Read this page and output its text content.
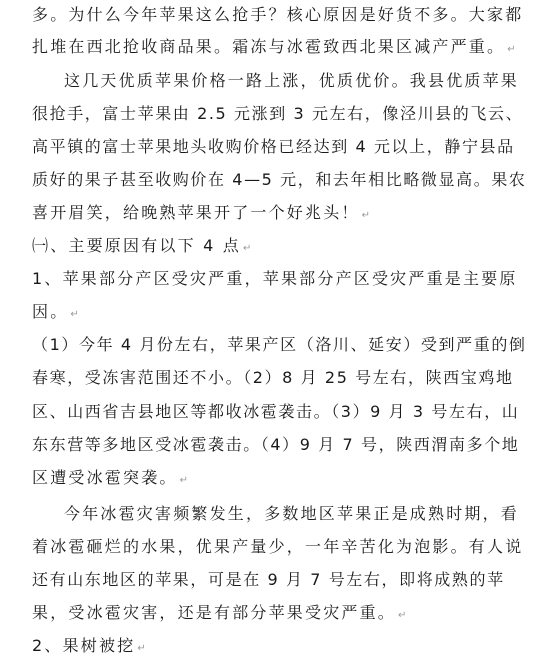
多。为什么今年苹果这么抢手？核心原因是好货不多。大家都
扎堆在西北抢收商品果。霜冻与冰雹致西北果区减产严重。 ↵
这几天优质苹果价格一路上涨，优质优价。我县优质苹果
很抢手，富士苹果由 2.5 元涨到 3 元左右，像泾川县的飞云、
高平镇的富士苹果地头收购价格已经达到 4 元以上，静宁县品
质好的果子甚至收购价在 4—5 元，和去年相比略微显高。果农
喜开眉笑，给晚熟苹果开了一个好兆头！ ↵
㈠、主要原因有以下 4 点 ↵
1、苹果部分产区受灾严重，苹果部分产区受灾严重是主要原
因。 ↵
（1）今年 4 月份左右，苹果产区（洛川、延安）受到严重的倒
春寒，受冻害范围还不小。（2）8 月 25 号左右，陕西宝鸡地
区、山西省吉县地区等都收冰雹袭击。（3）9 月 3 号左右，山
东东营等多地区受冰雹袭击。（4）9 月 7 号，陕西渭南多个地
区遭受冰雹突袭。 ↵
今年冰雹灾害频繁发生，多数地区苹果正是成熟时期，看
着冰雹砸烂的水果，优果产量少，一年辛苦化为泡影。有人说
还有山东地区的苹果，可是在 9 月 7 号左右，即将成熟的苹
果，受冰雹灾害，还是有部分苹果受灾严重。 ↵
2、果树被挖 ↵
